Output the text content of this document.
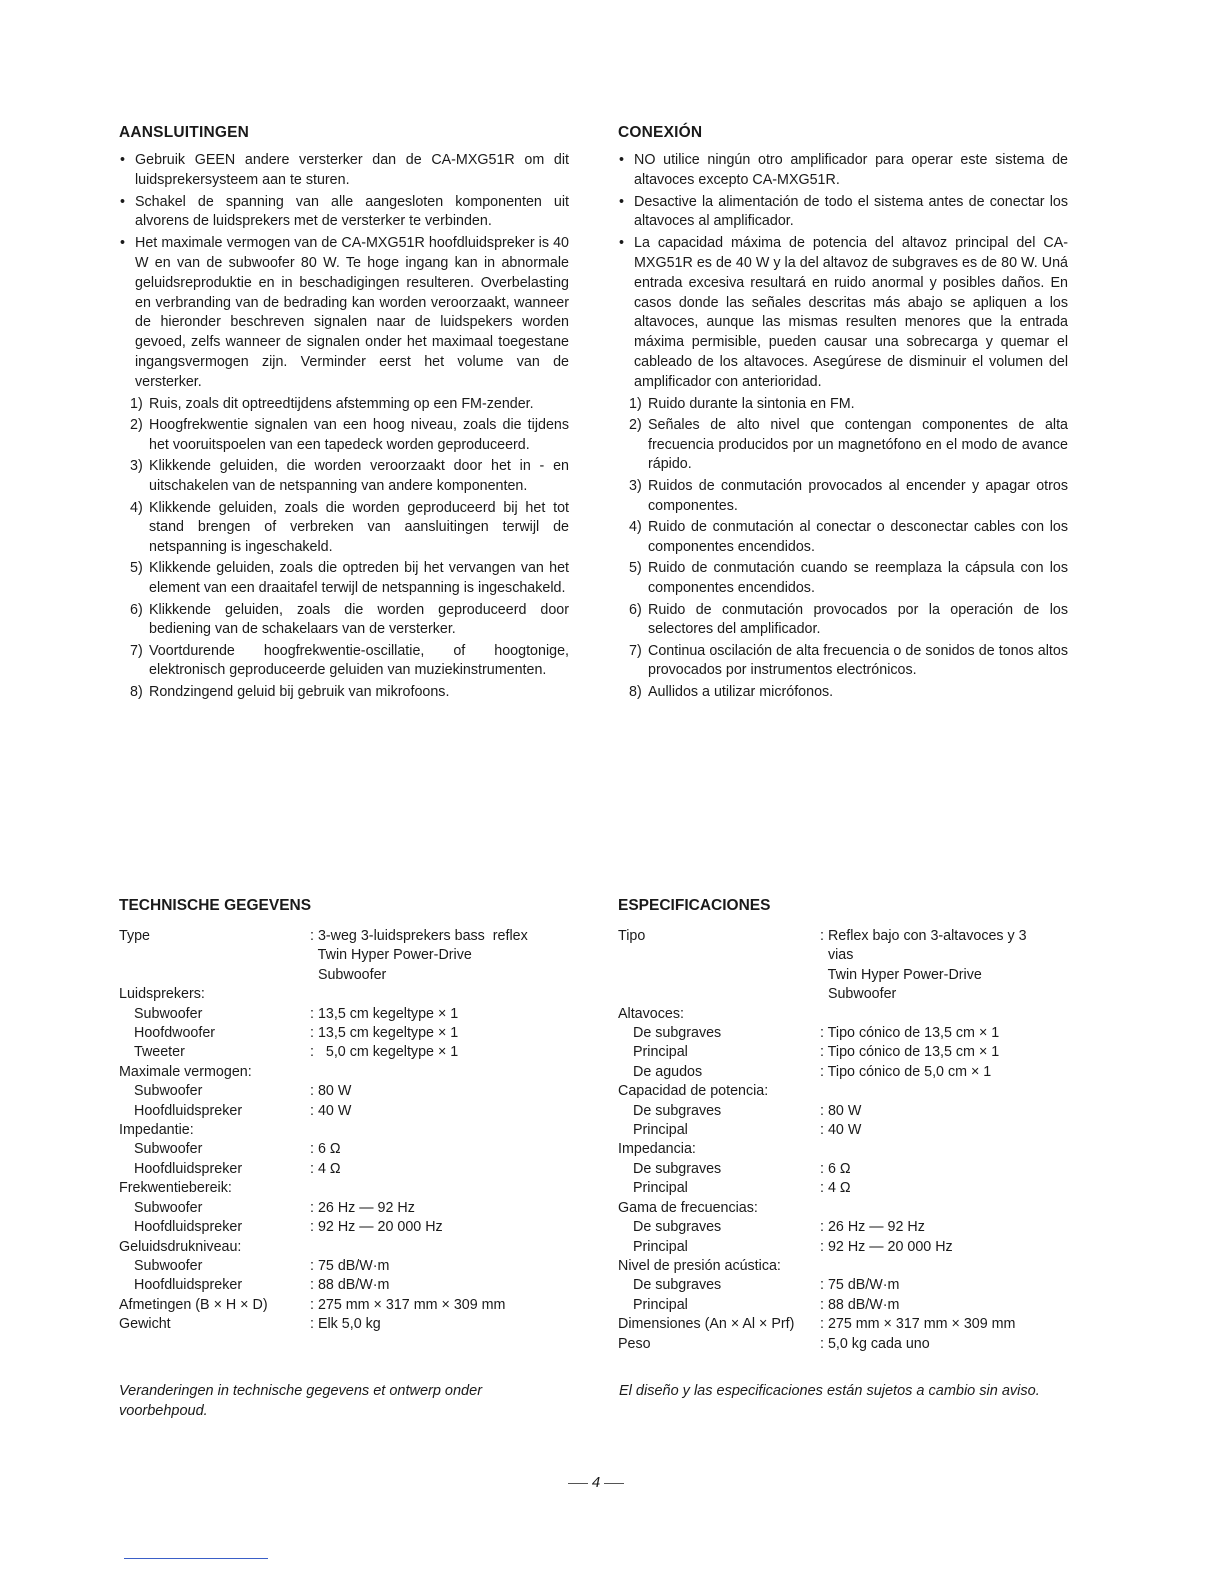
AANSLUITINGEN
• Gebruik GEEN andere versterker dan de CA-MXG51R om dit luidsprekersysteem aan te sturen.
• Schakel de spanning van alle aangesloten komponenten uit alvorens de luidsprekers met de versterker te verbinden.
• Het maximale vermogen van de CA-MXG51R hoofdluidspreker is 40 W en van de subwoofer 80 W. Te hoge ingang kan in abnormale geluidsreproduktie en in beschadigingen resulteren. Overbelasting en verbranding van de bedrading kan worden veroorzaakt, wanneer de hieronder beschreven signalen naar de luidspekers worden gevoed, zelfs wanneer de signalen onder het maximaal toegestane ingangsvermogen zijn. Verminder eerst het volume van de versterker.
1) Ruis, zoals dit optreedtijdens afstemming op een FM-zender.
2) Hoogfrekwentie signalen van een hoog niveau, zoals die tijdens het vooruitspoelen van een tapedeck worden geproduceerd.
3) Klikkende geluiden, die worden veroorzaakt door het in - en uitschakelen van de netspanning van andere komponenten.
4) Klikkende geluiden, zoals die worden geproduceerd bij het tot stand brengen of verbreken van aansluitingen terwijl de netspanning is ingeschakeld.
5) Klikkende geluiden, zoals die optreden bij het vervangen van het element van een draaitafel terwijl de netspanning is ingeschakeld.
6) Klikkende geluiden, zoals die worden geproduceerd door bediening van de schakelaars van de versterker.
7) Voortdurende hoogfrekwentie-oscillatie, of hoogtonige, elektronisch geproduceerde geluiden van muziekinstrumenten.
8) Rondzingend geluid bij gebruik van mikrofoons.
CONEXIÓN
• NO utilice ningún otro amplificador para operar este sistema de altavoces excepto CA-MXG51R.
• Desactive la alimentación de todo el sistema antes de conectar los altavoces al amplificador.
• La capacidad máxima de potencia del altavoz principal del CA-MXG51R es de 40 W y la del altavoz de subgraves es de 80 W. Uná entrada excesiva resultará en ruido anormal y posibles daños. En casos donde las señales descritas más abajo se apliquen a los altavoces, aunque las mismas resulten menores que la entrada máxima permisible, pueden causar una sobrecarga y quemar el cableado de los altavoces. Asegúrese de disminuir el volumen del amplificador con anterioridad.
1) Ruido durante la sintonia en FM.
2) Señales de alto nivel que contengan componentes de alta frecuencia producidos por un magnetófono en el modo de avance rápido.
3) Ruidos de conmutación provocados al encender y apagar otros componentes.
4) Ruido de conmutación al conectar o desconectar cables con los componentes encendidos.
5) Ruido de conmutación cuando se reemplaza la cápsula con los componentes encendidos.
6) Ruido de conmutación provocados por la operación de los selectores del amplificador.
7) Continua oscilación de alta frecuencia o de sonidos de tonos altos provocados por instrumentos electrónicos.
8) Aullidos a utilizar micrófonos.
TECHNISCHE GEGEVENS
Type	: 3-weg 3-luidsprekers bass  reflex
Twin Hyper Power-Drive
Subwoofer
Luidsprekers:
Subwoofer	: 13,5 cm kegeltype × 1
Hoofdwoofer	: 13,5 cm kegeltype × 1
Tweeter	:   5,0 cm kegeltype × 1
Maximale vermogen:
Subwoofer	: 80 W
Hoofdluidspreker	: 40 W
Impedantie:
Subwoofer	: 6 Ω
Hoofdluidspreker	: 4 Ω
Frekwentiebereik:
Subwoofer	: 26 Hz — 92 Hz
Hoofdluidspreker	: 92 Hz — 20 000 Hz
Geluidsdrukniveau:
Subwoofer	: 75 dB/W·m
Hoofdluidspreker	: 88 dB/W·m
Afmetingen (B × H × D)	: 275 mm × 317 mm × 309 mm
Gewicht	: Elk 5,0 kg
ESPECIFICACIONES
Tipo	: Reflex bajo con 3-altavoces y 3
vias
Twin Hyper Power-Drive
Subwoofer
Altavoces:
De subgraves	: Tipo cónico de 13,5 cm × 1
Principal	: Tipo cónico de 13,5 cm × 1
De agudos	: Tipo cónico de 5,0 cm × 1
Capacidad de potencia:
De subgraves	: 80 W
Principal	: 40 W
Impedancia:
De subgraves	: 6 Ω
Principal	: 4 Ω
Gama de frecuencias:
De subgraves	: 26 Hz — 92 Hz
Principal	: 92 Hz — 20 000 Hz
Nivel de presión acústica:
De subgraves	: 75 dB/W·m
Principal	: 88 dB/W·m
Dimensiones (An × Al × Prf)	: 275 mm × 317 mm × 309 mm
Peso	: 5,0 kg cada uno
Veranderingen in technische gegevens et ontwerp onder voorbehpoud.
El diseño y las especificaciones están sujetos a cambio sin aviso.
4
